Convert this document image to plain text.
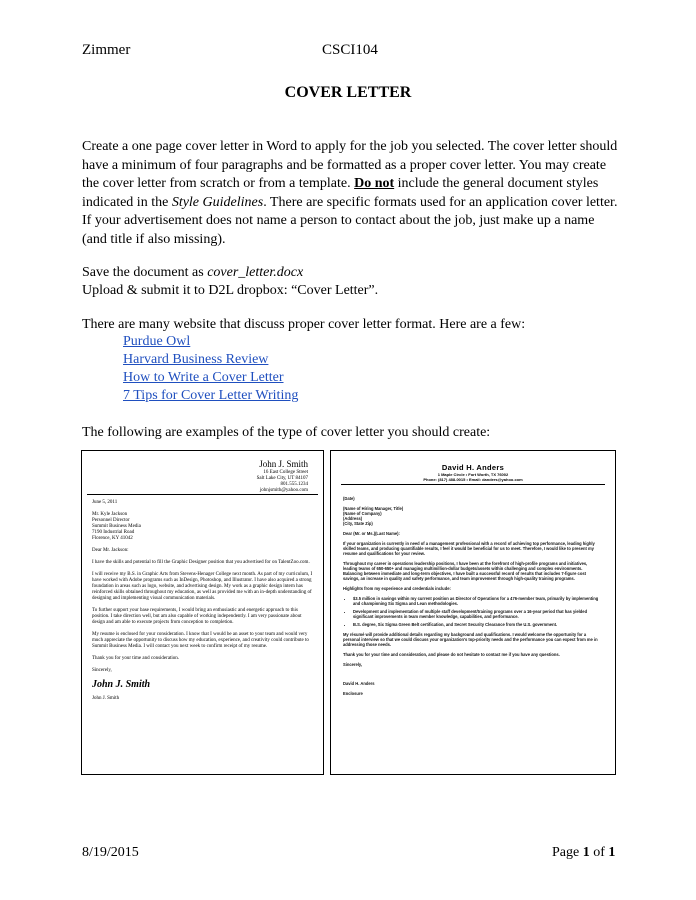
Zimmer	CSCI104
COVER LETTER
Create a one page cover letter in Word to apply for the job you selected. The cover letter should have a minimum of four paragraphs and be formatted as a proper cover letter. You may create the cover letter from scratch or from a template. Do not include the general document styles indicated in the Style Guidelines. There are specific formats used for an application cover letter. If your advertisement does not name a person to contact about the job, just make up a name (and title if also missing).
Save the document as cover_letter.docx
Upload & submit it to D2L dropbox: “Cover Letter”.
There are many website that discuss proper cover letter format. Here are a few:
Purdue Owl
Harvard Business Review
How to Write a Cover Letter
7 Tips for Cover Letter Writing
The following are examples of the type of cover letter you should create:
John J. Smith
16 East College Street
Salt Lake City, UT 84107
801.555.1234
johnjsmith@yahoo.com

June 5, 2011

Mr. Kyle Jackson
Personnel Director
Summit Business Media
7190 Industrial Road
Florence, KY 41042

Dear Mr. Jackson:

I have the skills and potential to fill the Graphic Designer position that you advertised for on TalentZoo.com.

I will receive my B.S. in Graphic Arts from Stevens-Henager College next month. As part of my curriculum, I have worked with Adobe programs such as InDesign, Photoshop, and Illustrator. I have also acquired a strong foundation in areas such as logo, website, and advertising design. My work as a graphic design intern has reinforced skills obtained throughout my education, as well as provided me with an in-depth understanding of designing and implementing visual communication materials.

To further support your base requirements, I would bring an enthusiastic and energetic approach to this position. I take direction well, but am also capable of working independently. I am very passionate about design and am able to execute projects from conception to completion.

My resume is enclosed for your consideration. I know that I would be an asset to your team and would very much appreciate the opportunity to discuss how my education, experience, and creativity could contribute to Summit Business Media. I will contact you next week to confirm receipt of my resume.

Thank you for your time and consideration.

Sincerely,

John J. Smith

John J. Smith

David H. Anders
1 Maple Circle • Fort Worth, TX 76002
Phone: (817) 488-0015 • Email: danders@yahoo.com

(Date)

(Name of Hiring Manager, Title)
(Name of Company)
(Address)
(City, State Zip)

Dear (Mr. or Ms.)(Last Name):

If your organization is currently in need of a management professional with a record of achieving top performance, leading highly skilled teams, and producing quantifiable results, I feel it would be beneficial for us to meet. Therefore, I would like to present my resume and qualifications for your review.

Throughout my career in operations leadership positions, I have been at the forefront of high-profile programs and initiatives, leading teams of 650-650+ and managing multimillion-dollar budgets/assets within challenging and complex environments. Balancing between immediate and long-term objectives, I have built a successful record of results that includes 7-figure cost savings, an increase in quality and safety performance, and team improvement through high-quality training programs.

Highlights from my experience and credentials include:

• $3.5 million in savings within my current position as Director of Operations for a 476-member team, primarily by implementing and championing Six Sigma and Lean methodologies.
• Development and implementation of multiple staff development/training programs over a 16-year period that has yielded significant improvements in team member knowledge, capabilities, and performance.
• B.S. degree, Six Sigma Green Belt certification, and Secret Security Clearance from the U.S. government.

My résumé will provide additional details regarding my background and qualifications. I would welcome the opportunity for a personal interview so that we could discuss your organization's top-priority needs and the performance you can expect from me in addressing those needs.

Thank you for your time and consideration, and please do not hesitate to contact me if you have any questions.

Sincerely,

David H. Anders

Enclosure

8/19/2015	Page 1 of 1
